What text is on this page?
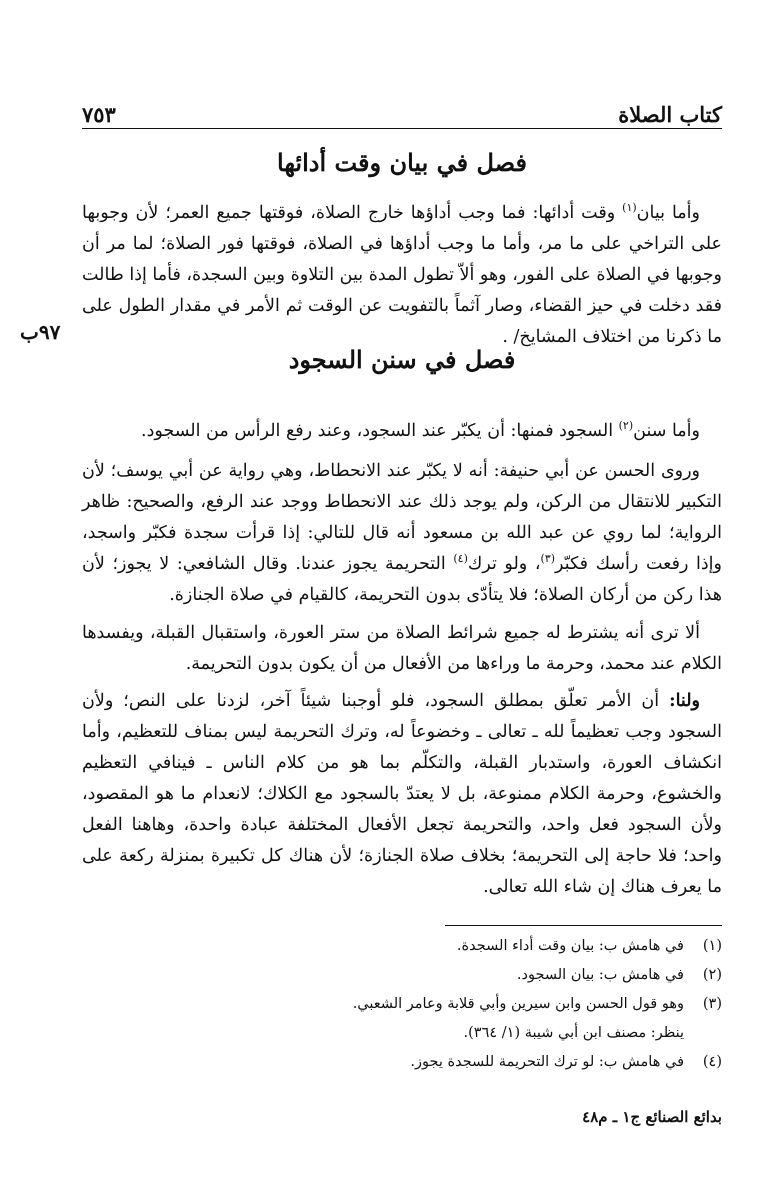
كتاب الصلاة
٧٥٣
فصل في بيان وقت أدائها

وأما بيان$^{(١)}$ وقت أدائها: فما وجب أداؤها خارج الصلاة، فوقتها جميع العمر؛ لأن وجوبها على التراخي على ما مر، وأما ما وجب أداؤها في الصلاة، فوقتها فور الصلاة؛ لما مر أن وجوبها في الصلاة على الفور، وهو ألاّ تطول المدة بين التلاوة وبين السجدة، فأما إذا طالت فقد دخلت في حيز القضاء، وصار آثماً بالتفويت عن الوقت ثم الأمر في مقدار الطول على ما ذكرنا من اختلاف المشايخ/ .

٩٧ب
فصل في سنن السجود

وأما سنن$^{(٢)}$ السجود فمنها: أن يكبّر عند السجود، وعند رفع الرأس من السجود.

وروى الحسن عن أبي حنيفة: أنه لا يكبّر عند الانحطاط، وهي رواية عن أبي يوسف؛ لأن التكبير للانتقال من الركن، ولم يوجد ذلك عند الانحطاط ووجد عند الرفع، والصحيح: ظاهر الرواية؛ لما روي عن عبد الله بن مسعود أنه قال للتالي: إذا قرأت سجدة فكبّر واسجد، وإذا رفعت رأسك فكبّر$^{(٣)}$، ولو ترك$^{(٤)}$ التحريمة يجوز عندنا. وقال الشافعي: لا يجوز؛ لأن هذا ركن من أركان الصلاة؛ فلا يتأدّى بدون التحريمة، كالقيام في صلاة الجنازة.

ألا ترى أنه يشترط له جميع شرائط الصلاة من ستر العورة، واستقبال القبلة، ويفسدها الكلام عند محمد، وحرمة ما وراءها من الأفعال من أن يكون بدون التحريمة.

ولنا: أن الأمر تعلّق بمطلق السجود، فلو أوجبنا شيئاً آخر، لزدنا على النص؛ ولأن السجود وجب تعظيماً لله ـ تعالى ـ وخضوعاً له، وترك التحريمة ليس بمناف للتعظيم، وأما انكشاف العورة، واستدبار القبلة، والتكلّم بما هو من كلام الناس ـ فينافي التعظيم والخشوع، وحرمة الكلام ممنوعة، بل لا يعتدّ بالسجود مع الكلاك؛ لانعدام ما هو المقصود، ولأن السجود فعل واحد، والتحريمة تجعل الأفعال المختلفة عبادة واحدة، وهاهنا الفعل واحد؛ فلا حاجة إلى التحريمة؛ بخلاف صلاة الجنازة؛ لأن هناك كل تكبيرة بمنزلة ركعة على ما يعرف هناك إن شاء الله تعالى.

(١)
في هامش ب: بيان وقت أداء السجدة.
(٢)
في هامش ب: بيان السجود.
(٣)
وهو قول الحسن وابن سيرين وأبي قلابة وعامر الشعبي.
ينظر: مصنف ابن أبي شيبة (١/ ٣٦٤).
(٤)
في هامش ب: لو ترك التحريمة للسجدة يجوز.
بدائع الصنائع ج١ ـ م٤٨
